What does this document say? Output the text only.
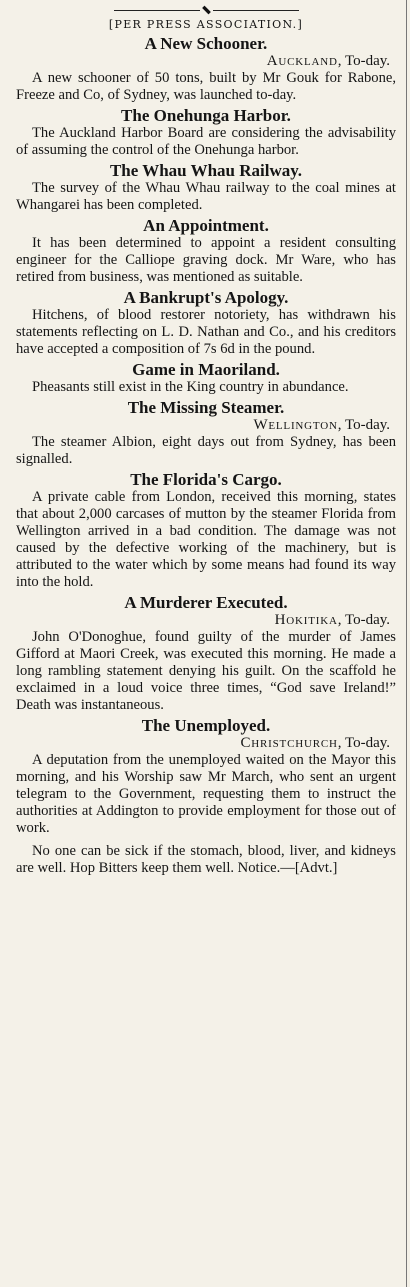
[PER PRESS ASSOCIATION.]
A New Schooner.
Auckland, To-day.

A new schooner of 50 tons, built by Mr Gouk for Rabone, Freeze and Co, of Sydney, was launched to-day.

The Onehunga Harbor.

The Auckland Harbor Board are considering the advisability of assuming the control of the Onehunga harbor.

The Whau Whau Railway.

The survey of the Whau Whau railway to the coal mines at Whangarei has been completed.

An Appointment.

It has been determined to appoint a resident consulting engineer for the Calliope graving dock. Mr Ware, who has retired from business, was mentioned as suitable.

A Bankrupt's Apology.

Hitchens, of blood restorer notoriety, has withdrawn his statements reflecting on L. D. Nathan and Co., and his creditors have accepted a composition of 7s 6d in the pound.

Game in Maoriland.

Pheasants still exist in the King country in abundance.

The Missing Steamer.
Wellington, To-day.

The steamer Albion, eight days out from Sydney, has been signalled.

The Florida's Cargo.

A private cable from London, received this morning, states that about 2,000 carcases of mutton by the steamer Florida from Wellington arrived in a bad condition. The damage was not caused by the defective working of the machinery, but is attributed to the water which by some means had found its way into the hold.

A Murderer Executed.
Hokitika, To-day.

John O'Donoghue, found guilty of the murder of James Gifford at Maori Creek, was executed this morning. He made a long rambling statement denying his guilt. On the scaffold he exclaimed in a loud voice three times, “God save Ireland!” Death was instantaneous.

The Unemployed.
Christchurch, To-day.

A deputation from the unemployed waited on the Mayor this morning, and his Worship saw Mr March, who sent an urgent telegram to the Government, requesting them to instruct the authorities at Addington to provide employment for those out of work.

No one can be sick if the stomach, blood, liver, and kidneys are well. Hop Bitters keep them well. Notice.—[Advt.]
